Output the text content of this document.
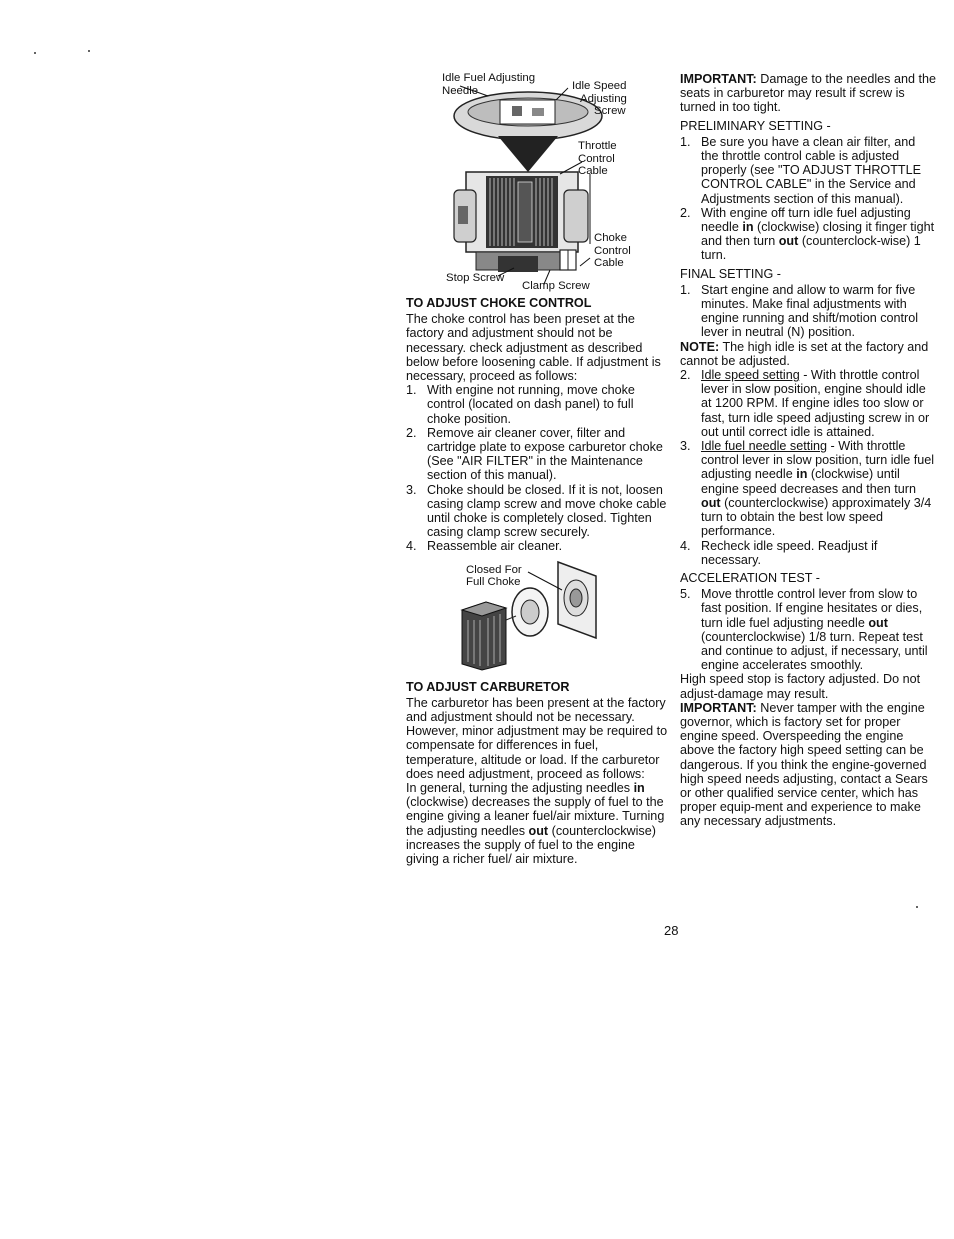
Idle Fuel Adjusting
Needle	Idle Speed
Adjusting
Screw
Throttle
Control
Cable
Choke
Control
Cable
Stop Screw
Clamp Screw

TO ADJUST CHOKE CONTROL

The choke control has been preset at the factory and adjustment should not be necessary. check adjustment as described below before loosening cable. If adjustment is necessary, proceed as follows:

1. With engine not running, move choke control (located on dash panel) to full choke position.
2. Remove air cleaner cover, filter and cartridge plate to expose carburetor choke (See "AIR FILTER" in the Maintenance section of this manual).
3. Choke should be closed. If it is not, loosen casing clamp screw and move choke cable until choke is completely closed. Tighten casing clamp screw securely.
4. Reassemble air cleaner.
Closed For
Full Choke

TO ADJUST CARBURETOR

The carburetor has been present at the factory and adjustment should not be necessary. However, minor adjustment may be required to compensate for differences in fuel, temperature, altitude or load. If the carburetor does need adjustment, proceed as follows:

In general, turning the adjusting needles in (clockwise) decreases the supply of fuel to the engine giving a leaner fuel/air mixture. Turning the adjusting needles out (counterclockwise) increases the supply of fuel to the engine giving a richer fuel/ air mixture.

IMPORTANT: Damage to the needles and the seats in carburetor may result if screw is turned in too tight.

PRELIMINARY SETTING -

1. Be sure you have a clean air filter, and the throttle control cable is adjusted properly (see "TO ADJUST THROTTLE CONTROL CABLE" in the Service and Adjustments section of this manual).
2. With engine off turn idle fuel adjusting needle in (clockwise) closing it finger tight and then turn out (counterclock-wise) 1 turn.

FINAL SETTING -

1. Start engine and allow to warm for five minutes. Make final adjustments with engine running and shift/motion control lever in neutral (N) position.

NOTE: The high idle is set at the factory and cannot be adjusted.

2. Idle speed setting - With throttle control lever in slow position, engine should idle at 1200 RPM. If engine idles too slow or fast, turn idle speed adjusting screw in or out until correct idle is attained.
3. Idle fuel needle setting - With throttle control lever in slow position, turn idle fuel adjusting needle in (clockwise) until engine speed decreases and then turn out (counterclockwise) approximately 3/4 turn to obtain the best low speed performance.
4. Recheck idle speed. Readjust if necessary.

ACCELERATION TEST -

5. Move throttle control lever from slow to fast position. If engine hesitates or dies, turn idle fuel adjusting needle out (counterclockwise) 1/8 turn. Repeat test and continue to adjust, if necessary, until engine accelerates smoothly.

High speed stop is factory adjusted. Do not adjust-damage may result.

IMPORTANT: Never tamper with the engine governor, which is factory set for proper engine speed. Overspeeding the engine above the factory high speed setting can be dangerous. If you think the engine-governed high speed needs adjusting, contact a Sears or other qualified service center, which has proper equip-ment and experience to make any necessary adjustments.

28
